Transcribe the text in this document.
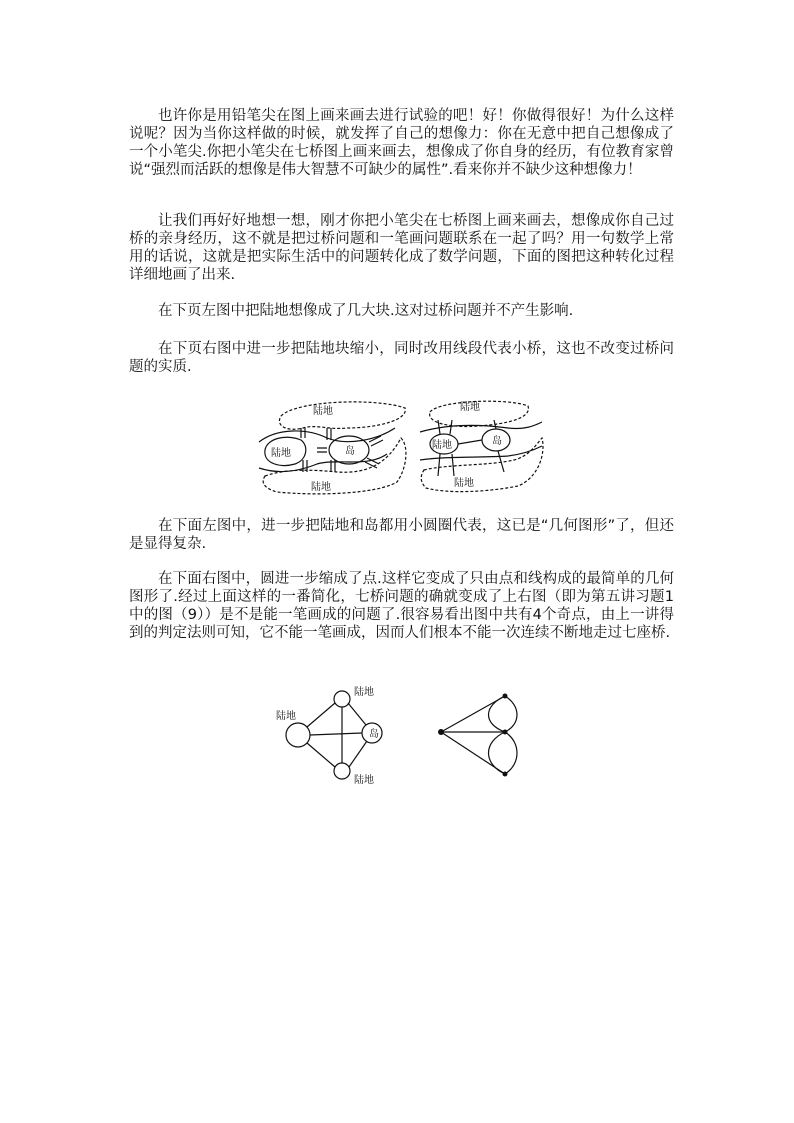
也许你是用铅笔尖在图上画来画去进行试验的吧！好！你做得很好！为什么这样说呢？因为当你这样做的时候，就发挥了自己的想像力：你在无意中把自己想像成了一个小笔尖.你把小笔尖在七桥图上画来画去，想像成了你自身的经历，有位教育家曾说“强烈而活跃的想像是伟大智慧不可缺少的属性”.看来你并不缺少这种想像力！

让我们再好好地想一想，刚才你把小笔尖在七桥图上画来画去，想像成你自己过桥的亲身经历，这不就是把过桥问题和一笔画问题联系在一起了吗？用一句数学上常用的话说，这就是把实际生活中的问题转化成了数学问题，下面的图把这种转化过程详细地画了出来.

在下页左图中把陆地想像成了几大块.这对过桥问题并不产生影响.

在下页右图中进一步把陆地块缩小，同时改用线段代表小桥，这也不改变过桥问题的实质.

在下面左图中，进一步把陆地和岛都用小圆圈代表，这已是“几何图形”了，但还是显得复杂.

在下面右图中，圆进一步缩成了点.这样它变成了只由点和线构成的最简单的几何图形了.经过上面这样的一番简化，七桥问题的确就变成了上右图（即为第五讲习题1中的图（9））是不是能一笔画成的问题了.很容易看出图中共有4个奇点，由上一讲得到的判定法则可知，它不能一笔画成，因而人们根本不能一次连续不断地走过七座桥.

陆地
陆地
陆地
岛
陆地
陆地
陆地
岛
陆地
陆地
陆地
岛
